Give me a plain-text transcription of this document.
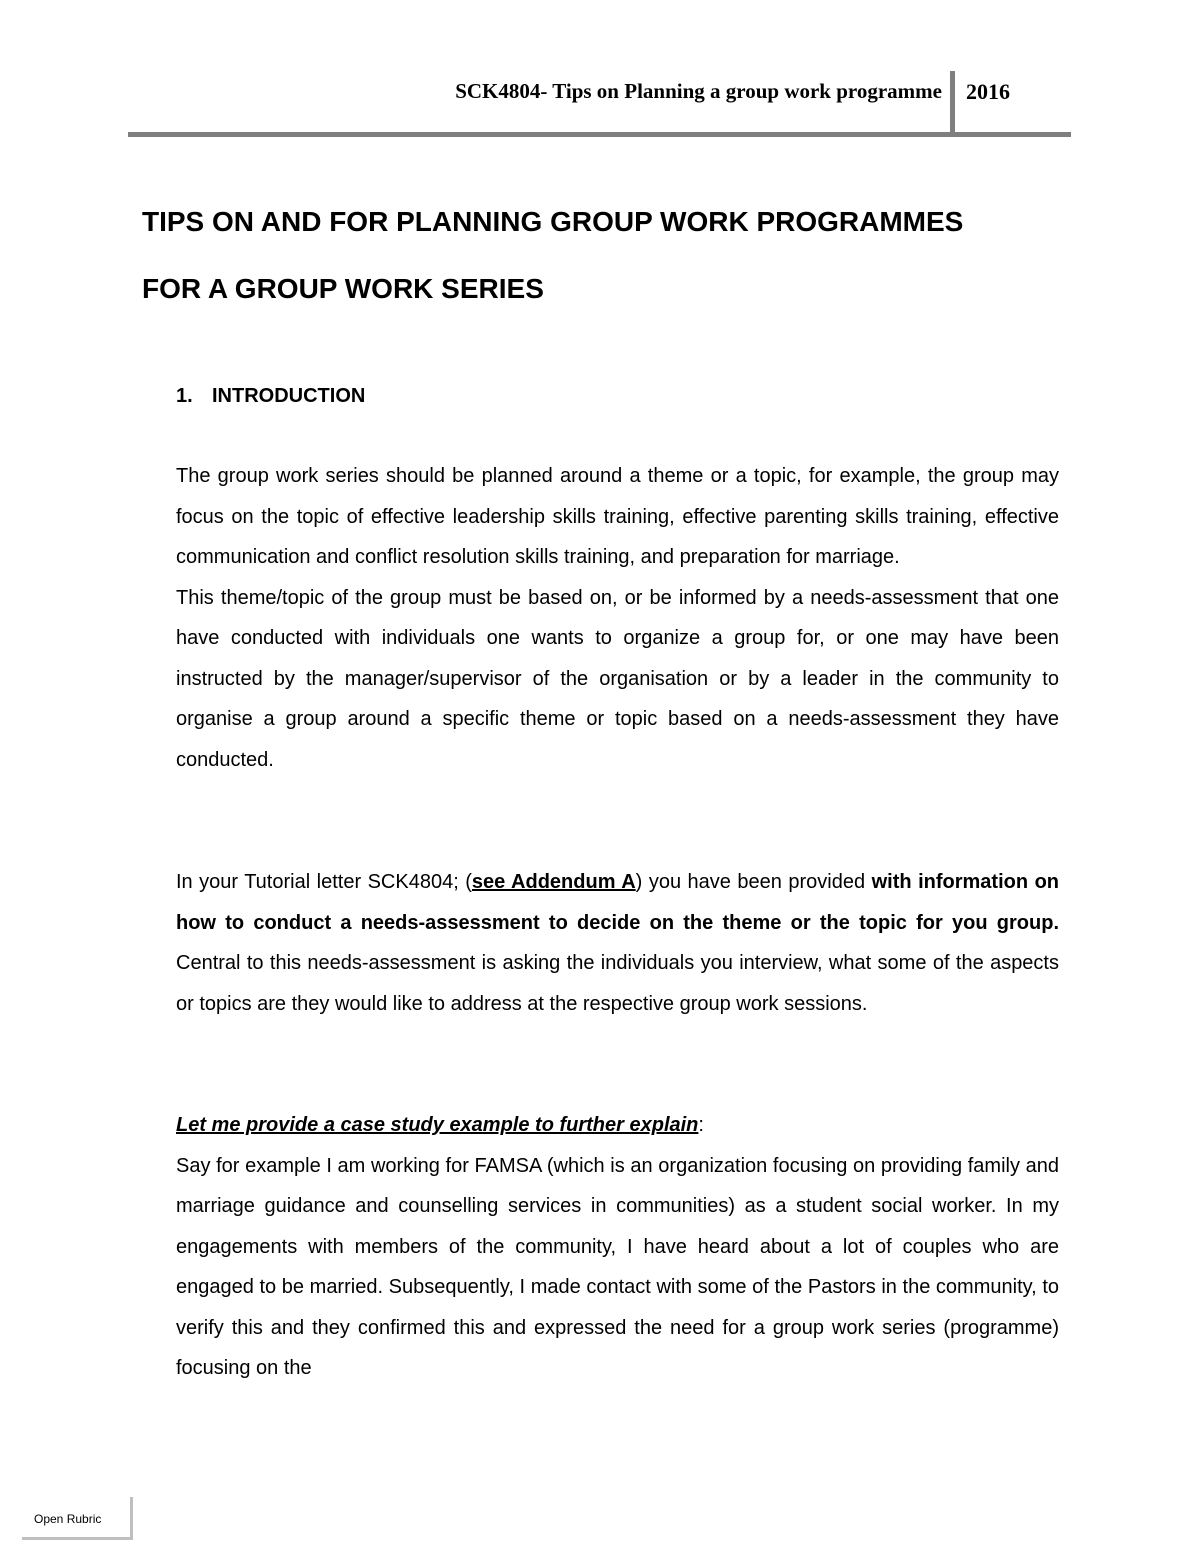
SCK4804- Tips on Planning a group work programme 2016
TIPS ON AND FOR PLANNING GROUP WORK PROGRAMMES
FOR A GROUP WORK SERIES
1. INTRODUCTION
The group work series should be planned around a theme or a topic, for example, the group may focus on the topic of effective leadership skills training, effective parenting skills training, effective communication and conflict resolution skills training, and preparation for marriage.
This theme/topic of the group must be based on, or be informed by a needs-assessment that one have conducted with individuals one wants to organize a group for, or one may have been instructed by the manager/supervisor of the organisation or by a leader in the community to organise a group around a specific theme or topic based on a needs-assessment they have conducted.

In your Tutorial letter SCK4804; (see Addendum A) you have been provided with information on how to conduct a needs-assessment to decide on the theme or the topic for you group. Central to this needs-assessment is asking the individuals you interview, what some of the aspects or topics are they would like to address at the respective group work sessions.

Let me provide a case study example to further explain:
Say for example I am working for FAMSA (which is an organization focusing on providing family and marriage guidance and counselling services in communities) as a student social worker. In my engagements with members of the community, I have heard about a lot of couples who are engaged to be married. Subsequently, I made contact with some of the Pastors in the community, to verify this and they confirmed this and expressed the need for a group work series (programme) focusing on the
Open Rubric
